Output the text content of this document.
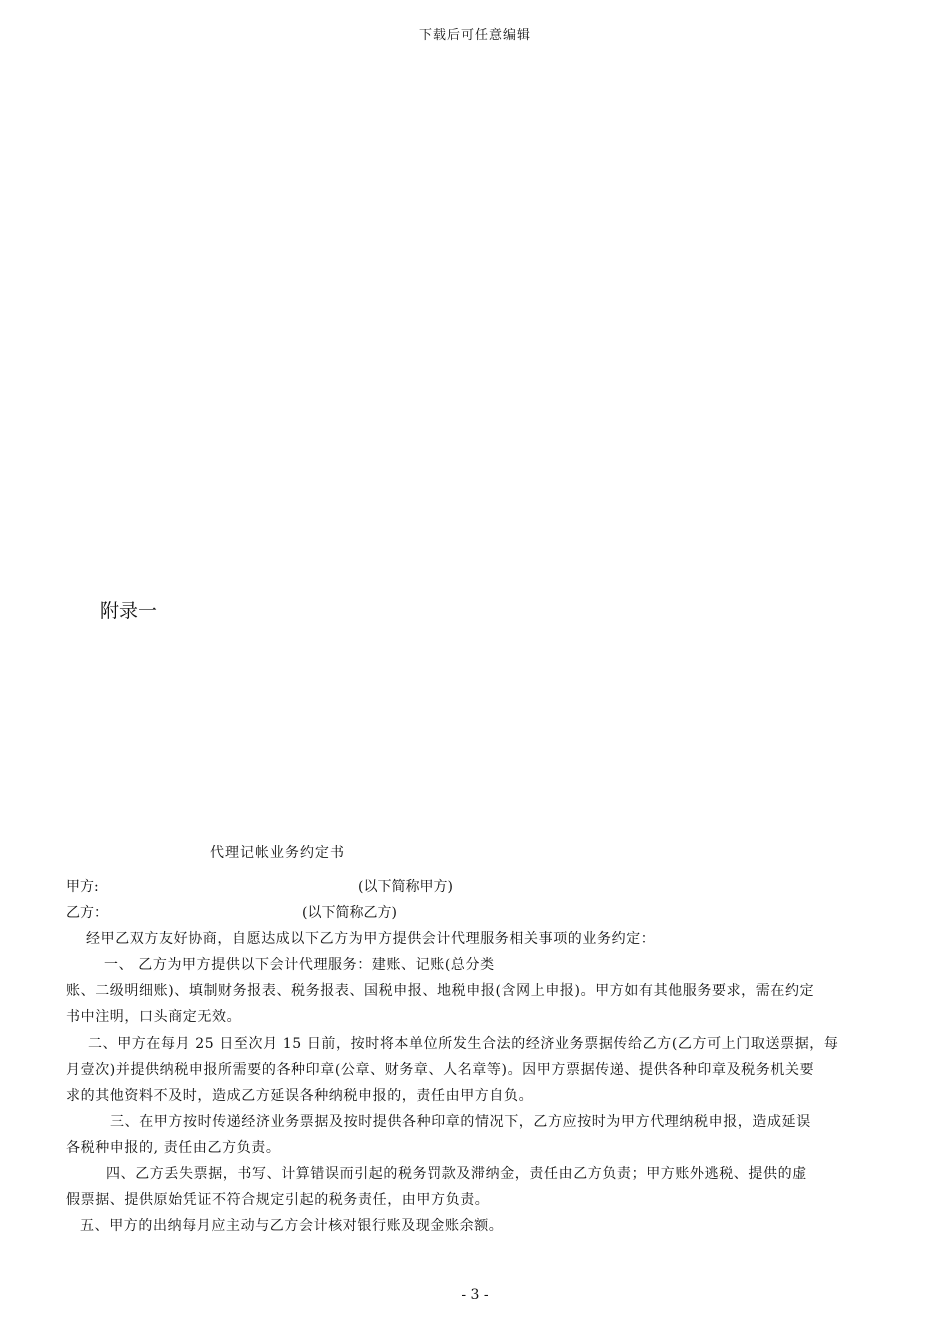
下载后可任意编辑
附录一
代理记帐业务约定书
甲方:	(以下简称甲方)
乙方：	(以下简称乙方)
经甲乙双方友好协商，自愿达成以下乙方为甲方提供会计代理服务相关事项的业务约定：
一、 乙方为甲方提供以下会计代理服务：建账、记账(总分类
账、二级明细账)、填制财务报表、税务报表、国税申报、地税申报(含网上申报)。甲方如有其他服务要求，需在约定
书中注明，口头商定无效。
二、甲方在每月 25 日至次月 15 日前，按时将本单位所发生合法的经济业务票据传给乙方(乙方可上门取送票据，每
月壹次)并提供纳税申报所需要的各种印章(公章、财务章、人名章等)。因甲方票据传递、提供各种印章及税务机关要
求的其他资料不及时，造成乙方延误各种纳税申报的，责任由甲方自负。
三、在甲方按时传递经济业务票据及按时提供各种印章的情况下，乙方应按时为甲方代理纳税申报，造成延误
各税种申报的, 责任由乙方负责。
四、乙方丢失票据，书写、计算错误而引起的税务罚款及滞纳金，责任由乙方负责；甲方账外逃税、提供的虚
假票据、提供原始凭证不符合规定引起的税务责任，由甲方负责。
五、甲方的出纳每月应主动与乙方会计核对银行账及现金账余额。
- 3 -
